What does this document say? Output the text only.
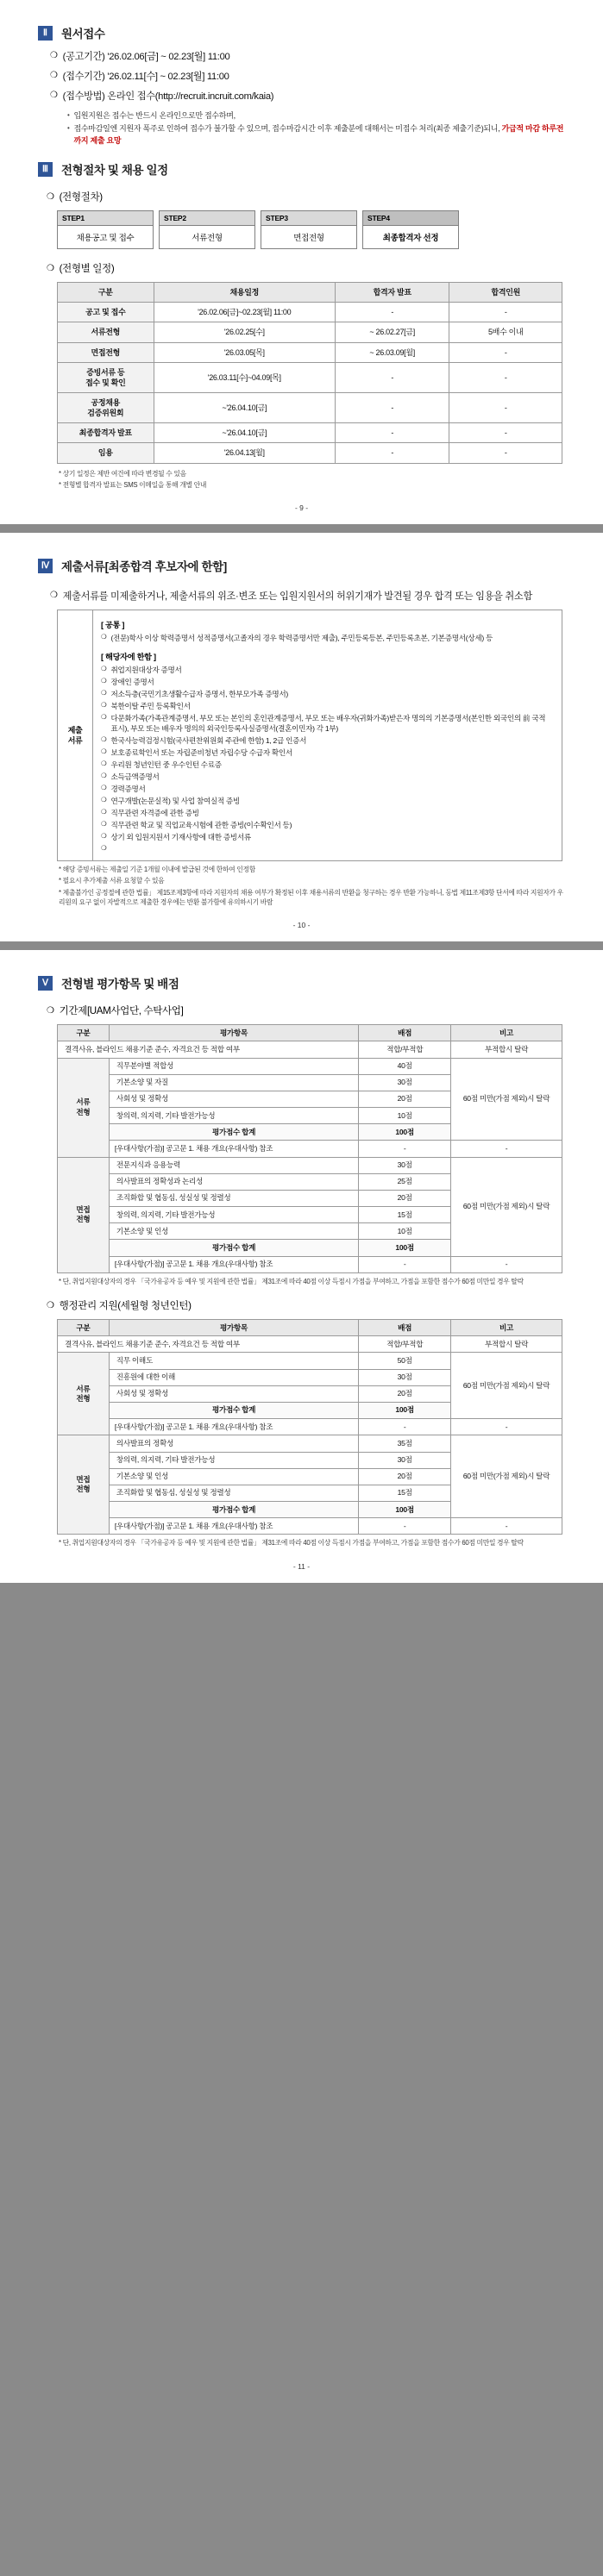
Ⅱ	원서접수
❍ (공고기간) '26.02.06[금] ~ 02.23[월] 11:00
❍ (접수기간) '26.02.11[수] ~ 02.23[월] 11:00
❍ (접수방법) 온라인 접수(http://recruit.incruit.com/kaia)
• 입원지원은 접수는 반드시 온라인으로만 접수하며,
• 접수마감일엔 지원자 폭주로 인하여 접수가 불가할 수 있으며, 접수마감시간 이후 제출분에 대해서는 미접수 처리(최종 제출기준)되니, 가급적 마감 하루전까지 제출 요망
Ⅲ	전형절차 및 채용 일정
❍ (전형절차)
STEP1
채용공고 및 접수
STEP2
서류전형
STEP3
면접전형
STEP4
최종합격자 선정
❍ (전형별 일정)
구분	채용일정	합격자 발표	합격인원
공고 및 접수	'26.02.06[금]~02.23[월] 11:00	-	-
서류전형	'26.02.25[수]	~ 26.02.27[금]	5배수 이내
면접전형	'26.03.05[목]	~ 26.03.09[월]	-
증빙서류 등
접수 및 확인	'26.03.11[수]~04.09[목]	-	-
공정채용
검증위원회	~'26.04.10[금]	-	-
최종합격자 발표	~'26.04.10[금]	-	-
임용	'26.04.13[월]	-	-
* 상기 일정은 제반 여건에 따라 변경될 수 있음
* 전형별 합격자 발표는 SMS 이메일을 통해 개별 안내
- 9 -
Ⅳ 제출서류[최종합격 후보자에 한함]
❍ 제출서류를 미제출하거나, 제출서류의 위조·변조 또는 입원지원서의 허위기재가 발견될 경우 합격 또는 임용을 취소함
제출
서류
[ 공통 ]
❍ (전문)학사 이상 학력증명서 성적증명서(고졸자의 경우 학력증명서만 제출), 주민등록등본, 주민등록초본, 기본증명서(상세) 등
[ 해당자에 한함 ]
❍ 취업지원대상자 증명서
❍ 장애인 증명서
❍ 저소득층(국민기초생활수급자 증명서, 한부모가족 증명서)
❍ 북한이탈 주민 등록확인서
❍ 다문화가족(가족관계증명서, 부모 또는 본인의 혼인관계증명서, 부모 또는 배우자(귀화가족)받은자 명의의 기본증명서(본인한 외국인의 前 국적 표시), 부모 또는 배우자 명의의 외국인등록사실증명서(결혼이민자) 각 1부)
❍ 한국사능력검정시험(국사편찬위원회 주관에 한함) 1, 2급 인증서
❍ 보호종료학인서 또는 자립준비청년 자립수당 수급자 확인서
❍ 우리원 청년인턴 중 우수인턴 수료증
❍ 소득금액증명서
❍ 경력증명서
❍ 연구개발(논문실적) 및 사업 참여실적 증빙
❍ 직무관련 자격증에 관한 증빙
❍ 직무관련 학교 및 직업교육시험에 관한 증빙(이수확인서 등)
❍ 상기 외 입원지원서 기재사항에 대한 증빙서류
❍
* 해당 증빙서류는 제출일 기준 1개월 이내에 발급된 것에 한하여 인정함
* 필요시 추가제출 서류 요청할 수 있음
* 제출불가인 공정절에 관한 법률」 제15조제3항에 따라 지원자의 채용 여부가 확정된 이후 채용서류의 반환을 청구하는 경우 반환 가능하니, 동법 제11조제3항 단서에 따라 지원자가 우리원의 요구 없이 자발적으로 제출한 경우에는 반환 불가함에 유의하시기 바람
- 10 -
Ⅴ	전형별 평가항목 및 배점
❍ 기간제[UAM사업단, 수탁사업]
구분	평가항목	배점	비고
결격사유, 블라인드 채용기준 준수, 자격요건 등 적합 여부		적합/부적합	부적합시 탈락
서류
전형	직무분야별 적합성	40점	60점 미만(가점 제외)시 탈락
	기본소양 및 자질	30점	
	사회성 및 정확성	20점	
	창의력, 의지력, 기타 발전가능성	10점	
	평가점수 합계	100점	
	[우대사항(가점)] 공고문 1. 채용 개요(우대사항) 참조	-	-
면접
전형	전문지식과 응용능력	30점	60점 미만(가점 제외)시 탈락
	의사발표의 정확성과 논리성	25점	
	조직화합 및 협동심, 성실성 및 정렬성	20점	
	창의력, 의지력, 기타 발전가능성	15점	
	기본소양 및 인성	10점	
	평가점수 합계	100점	
	[우대사항(가점)] 공고문 1. 채용 개요(우대사항) 참조	-	-
* 단, 취업지원대상자의 경우 「국가유공자 등 예우 및 지원에 관한 법률」 제31조에 따라 40점 이상 득점시 가점을 부여하고, 가점을 포함한 점수가 60점 미만일 경우 탈락
❍ 행정관리 지원(세월형 청년인턴)
구분	평가항목	배점	비고
결격사유, 블라인드 채용기준 준수, 자격요건 등 적합 여부		적합/부적합	부적합시 탈락
서류
전형	직무 이해도	50점	60점 미만(가점 제외)시 탈락
	진흥원에 대한 이해	30점	
	사회성 및 정확성	20점	
	평가점수 합계	100점	
	[우대사항(가점)] 공고문 1. 채용 개요(우대사항) 참조	-	-
면접
전형	의사발표의 정확성	35점	60점 미만(가점 제외)시 탈락
	창의력, 의지력, 기타 발전가능성	30점	
	기본소양 및 인성	20점	
	조직화합 및 협동심, 성실성 및 정렬성	15점	
	평가점수 합계	100점	
	[우대사항(가점)] 공고문 1. 채용 개요(우대사항) 참조	-	-
* 단, 취업지원대상자의 경우 「국가유공자 등 예우 및 지원에 관한 법률」 제31조에 따라 40점 이상 득점시 가점을 부여하고, 가점을 포함한 점수가 60점 미만일 경우 탈락
- 11 -
